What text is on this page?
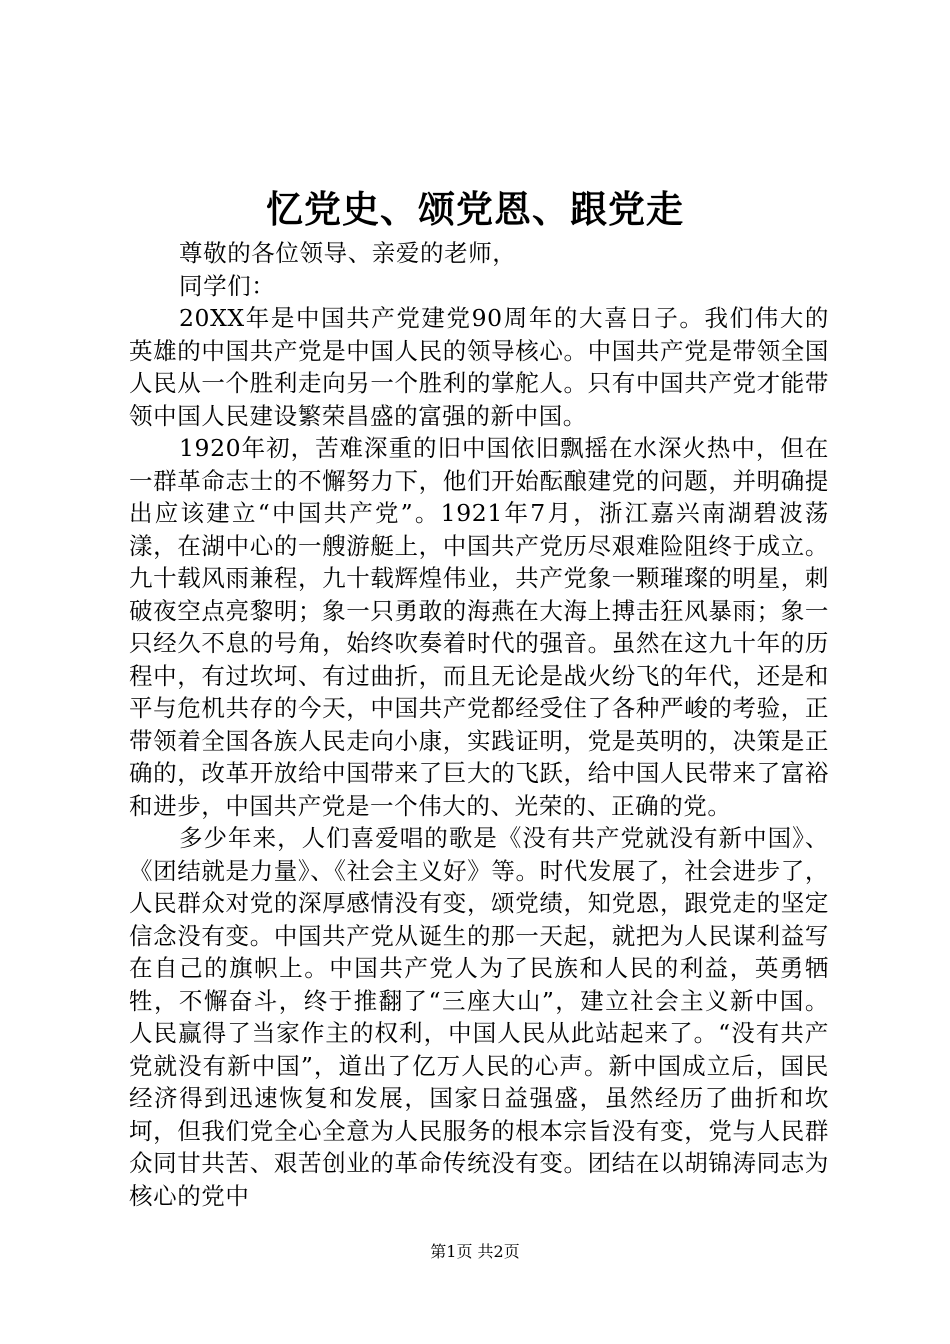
忆党史、颂党恩、跟党走
尊敬的各位领导、亲爱的老师，
同学们：
20XX年是中国共产党建党90周年的大喜日子。我们伟大的英雄的中国共产党是中国人民的领导核心。中国共产党是带领全国人民从一个胜利走向另一个胜利的掌舵人。只有中国共产党才能带领中国人民建设繁荣昌盛的富强的新中国。
1920年初，苦难深重的旧中国依旧飘摇在水深火热中，但在一群革命志士的不懈努力下，他们开始酝酿建党的问题，并明确提出应该建立“中国共产党”。1921年7月，浙江嘉兴南湖碧波荡漾，在湖中心的一艘游艇上，中国共产党历尽艰难险阻终于成立。九十载风雨兼程，九十载辉煌伟业，共产党象一颗璀璨的明星，刺破夜空点亮黎明；象一只勇敢的海燕在大海上搏击狂风暴雨；象一只经久不息的号角，始终吹奏着时代的强音。虽然在这九十年的历程中，有过坎坷、有过曲折，而且无论是战火纷飞的年代，还是和平与危机共存的今天，中国共产党都经受住了各种严峻的考验，正带领着全国各族人民走向小康，实践证明，党是英明的，决策是正确的，改革开放给中国带来了巨大的飞跃，给中国人民带来了富裕和进步，中国共产党是一个伟大的、光荣的、正确的党。
多少年来，人们喜爱唱的歌是《没有共产党就没有新中国》、《团结就是力量》、《社会主义好》等。时代发展了，社会进步了，人民群众对党的深厚感情没有变，颂党绩，知党恩，跟党走的坚定信念没有变。中国共产党从诞生的那一天起，就把为人民谋利益写在自己的旗帜上。中国共产党人为了民族和人民的利益，英勇牺牲，不懈奋斗，终于推翻了“三座大山”，建立社会主义新中国。人民赢得了当家作主的权利，中国人民从此站起来了。“没有共产党就没有新中国”，道出了亿万人民的心声。新中国成立后，国民经济得到迅速恢复和发展，国家日益强盛，虽然经历了曲折和坎坷，但我们党全心全意为人民服务的根本宗旨没有变，党与人民群众同甘共苦、艰苦创业的革命传统没有变。团结在以胡锦涛同志为核心的党中
第1页 共2页
